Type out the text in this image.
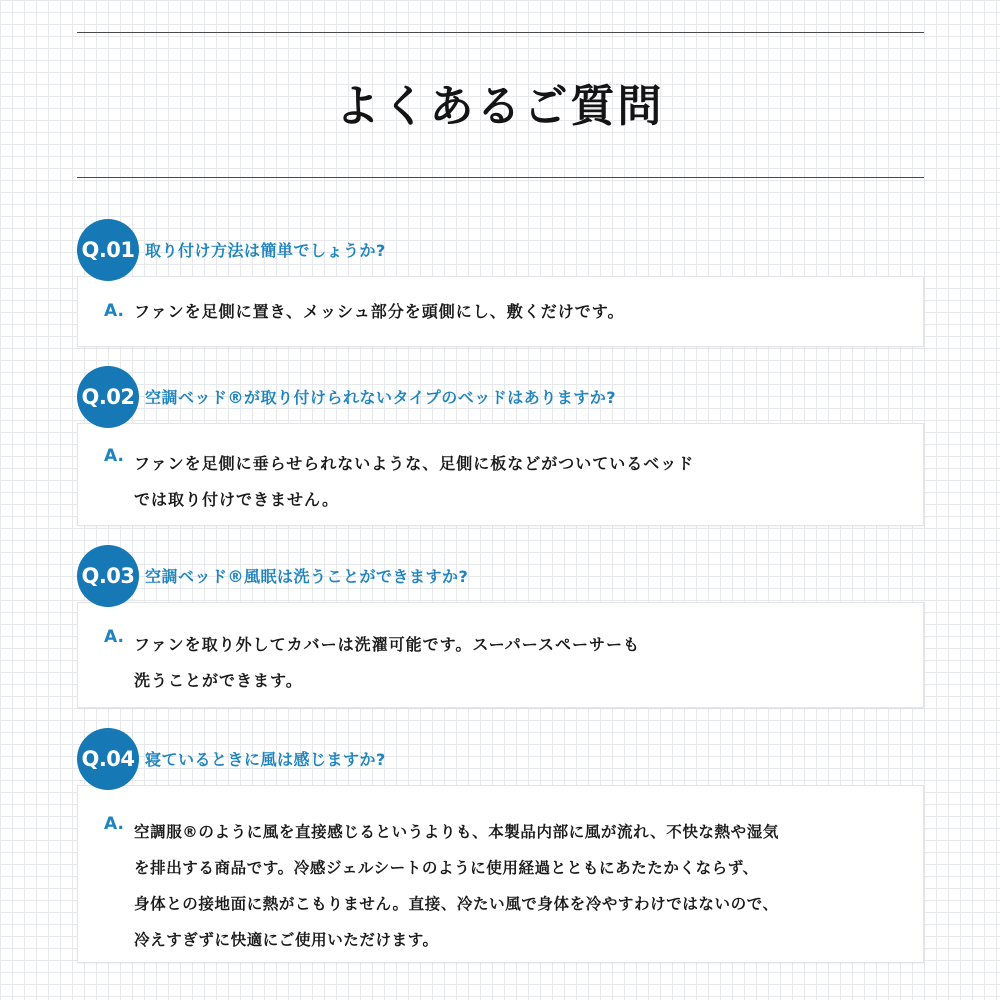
よくあるご質問
A. ファンを足側に置き、メッシュ部分を頭側にし、敷くだけです。
Q.01 取り付け方法は簡単でしょうか?
A. ファンを足側に垂らせられないような、足側に板などがついているベッド
では取り付けできません。
Q.02 空調ベッド®が取り付けられないタイプのベッドはありますか?
A. ファンを取り外してカバーは洗濯可能です。スーパースペーサーも
洗うことができます。
Q.03 空調ベッド®風眠は洗うことができますか?
A. 空調服®のように風を直接感じるというよりも、本製品内部に風が流れ、不快な熱や湿気
を排出する商品です。冷感ジェルシートのように使用経過とともにあたたかくならず、
身体との接地面に熱がこもりません。直接、冷たい風で身体を冷やすわけではないので、
冷えすぎずに快適にご使用いただけます。
Q.04 寝ているときに風は感じますか?
